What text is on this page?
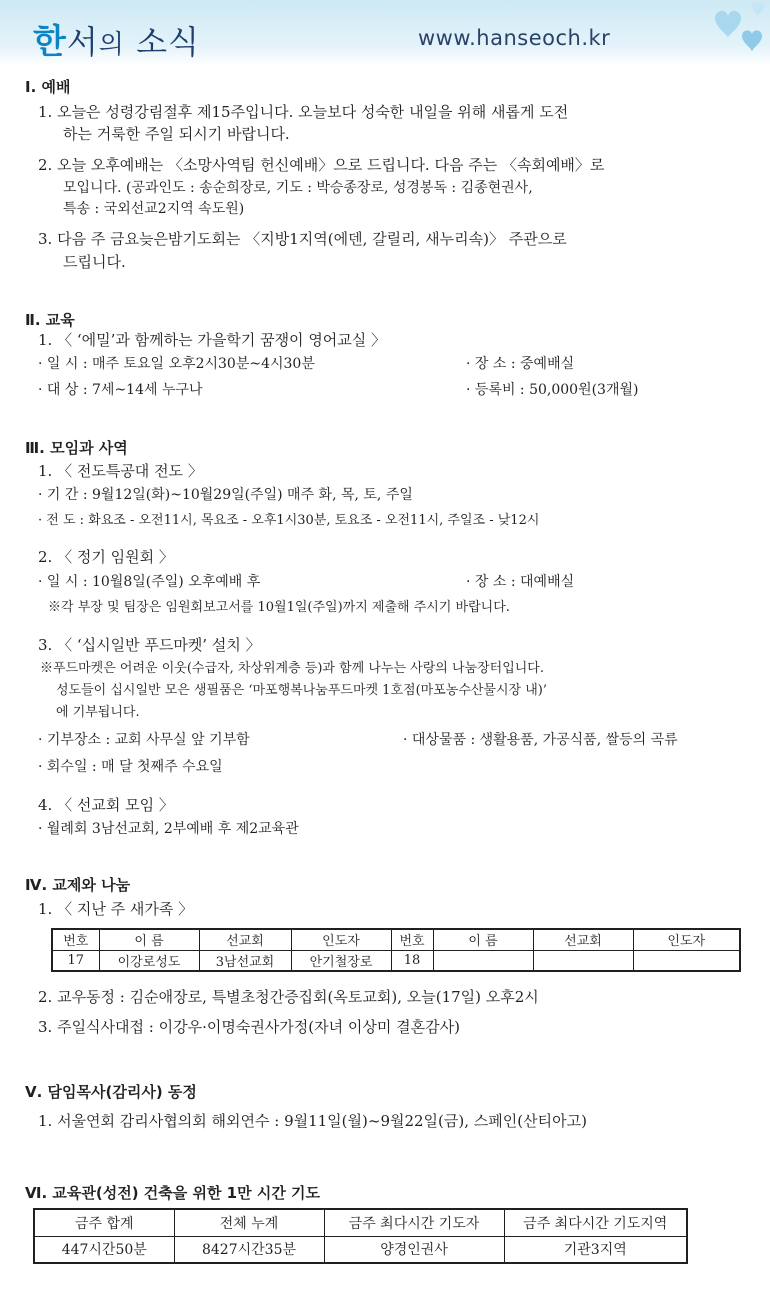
한서의 소식	www.hanseoch.kr
Ⅰ. 예배
1. 오늘은 성령강림절후 제15주입니다. 오늘보다 성숙한 내일을 위해 새롭게 도전
하는 거룩한 주일 되시기 바랍니다.
2. 오늘 오후예배는 〈소망사역팀 헌신예배〉으로 드립니다. 다음 주는 〈속회예배〉로
모입니다. (공과인도 : 송순희장로, 기도 : 박승종장로, 성경봉독 : 김종현권사,
특송 : 국외선교2지역 속도원)
3. 다음 주 금요늦은밤기도회는 〈지방1지역(에덴, 갈릴리, 새누리속)〉 주관으로
드립니다.
Ⅱ. 교육
1. 〈 ‘에밀’과 함께하는 가을학기 꿈쟁이 영어교실 〉
· 일 시 : 매주 토요일 오후2시30분~4시30분	· 장 소 : 중예배실
· 대 상 : 7세~14세 누구나	· 등록비 : 50,000원(3개월)
Ⅲ. 모임과 사역
1. 〈 전도특공대 전도 〉
· 기 간 : 9월12일(화)~10월29일(주일) 매주 화, 목, 토, 주일
· 전 도 : 화요조 - 오전11시, 목요조 - 오후1시30분, 토요조 - 오전11시, 주일조 - 낮12시
2. 〈 정기 임원회 〉
· 일 시 : 10월8일(주일) 오후예배 후	· 장 소 : 대예배실
※각 부장 및 팀장은 임원회보고서를 10월1일(주일)까지 제출해 주시기 바랍니다.
3. 〈 ‘십시일반 푸드마켓’ 설치 〉
※푸드마켓은 어려운 이웃(수급자, 차상위계층 등)과 함께 나누는 사랑의 나눔장터입니다.
성도들이 십시일반 모은 생필품은 ‘마포행복나눔푸드마켓 1호점(마포농수산물시장 내)’
에 기부됩니다.
· 기부장소 : 교회 사무실 앞 기부함	· 대상물품 : 생활용품, 가공식품, 쌀등의 곡류
· 회수일 : 매 달 첫째주 수요일
4. 〈 선교회 모임 〉
· 월례회 3남선교회, 2부예배 후 제2교육관
Ⅳ. 교제와 나눔
1. 〈 지난 주 새가족 〉
번호	이 름	선교회	인도자	번호	이 름	선교회	인도자
17	이강로성도	3남선교회	안기철장로	18			
2. 교우동정 : 김순애장로, 특별초청간증집회(옥토교회), 오늘(17일) 오후2시
3. 주일식사대접 : 이강우·이명숙권사가정(자녀 이상미 결혼감사)
Ⅴ. 담임목사(감리사) 동정
1. 서울연회 감리사협의회 해외연수 : 9월11일(월)~9월22일(금), 스페인(산티아고)
Ⅵ. 교육관(성전) 건축을 위한 1만 시간 기도
금주 합계	전체 누계	금주 최다시간 기도자	금주 최다시간 기도지역
447시간50분	8427시간35분	양경인권사	기관3지역
